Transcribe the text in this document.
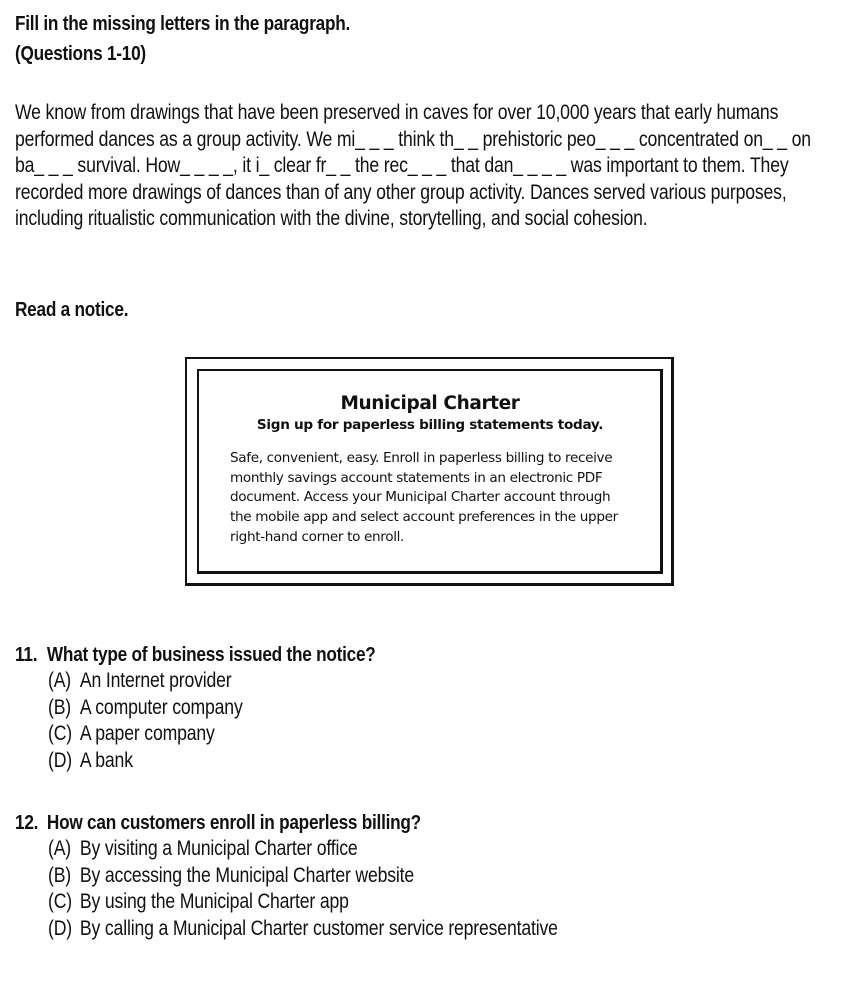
Fill in the missing letters in the paragraph.
(Questions 1-10)
We know from drawings that have been preserved in caves for over 10,000 years that early humans
performed dances as a group activity. We mi_ _ _ think th_ _ prehistoric peo_ _ _ concentrated on_ _ on
ba_ _ _ survival. How_ _ _ _, it i_ clear fr_ _ the rec_ _ _ that dan_ _ _ _ was important to them. They
recorded more drawings of dances than of any other group activity. Dances served various purposes,
including ritualistic communication with the divine, storytelling, and social cohesion.
Read a notice.
Municipal Charter
Sign up for paperless billing statements today.
Safe, convenient, easy. Enroll in paperless billing to receive
monthly savings account statements in an electronic PDF
document. Access your Municipal Charter account through
the mobile app and select account preferences in the upper
right-hand corner to enroll.
11. What type of business issued the notice?
(A) An Internet provider
(B) A computer company
(C) A paper company
(D) A bank
12. How can customers enroll in paperless billing?
(A) By visiting a Municipal Charter office
(B) By accessing the Municipal Charter website
(C) By using the Municipal Charter app
(D) By calling a Municipal Charter customer service representative
